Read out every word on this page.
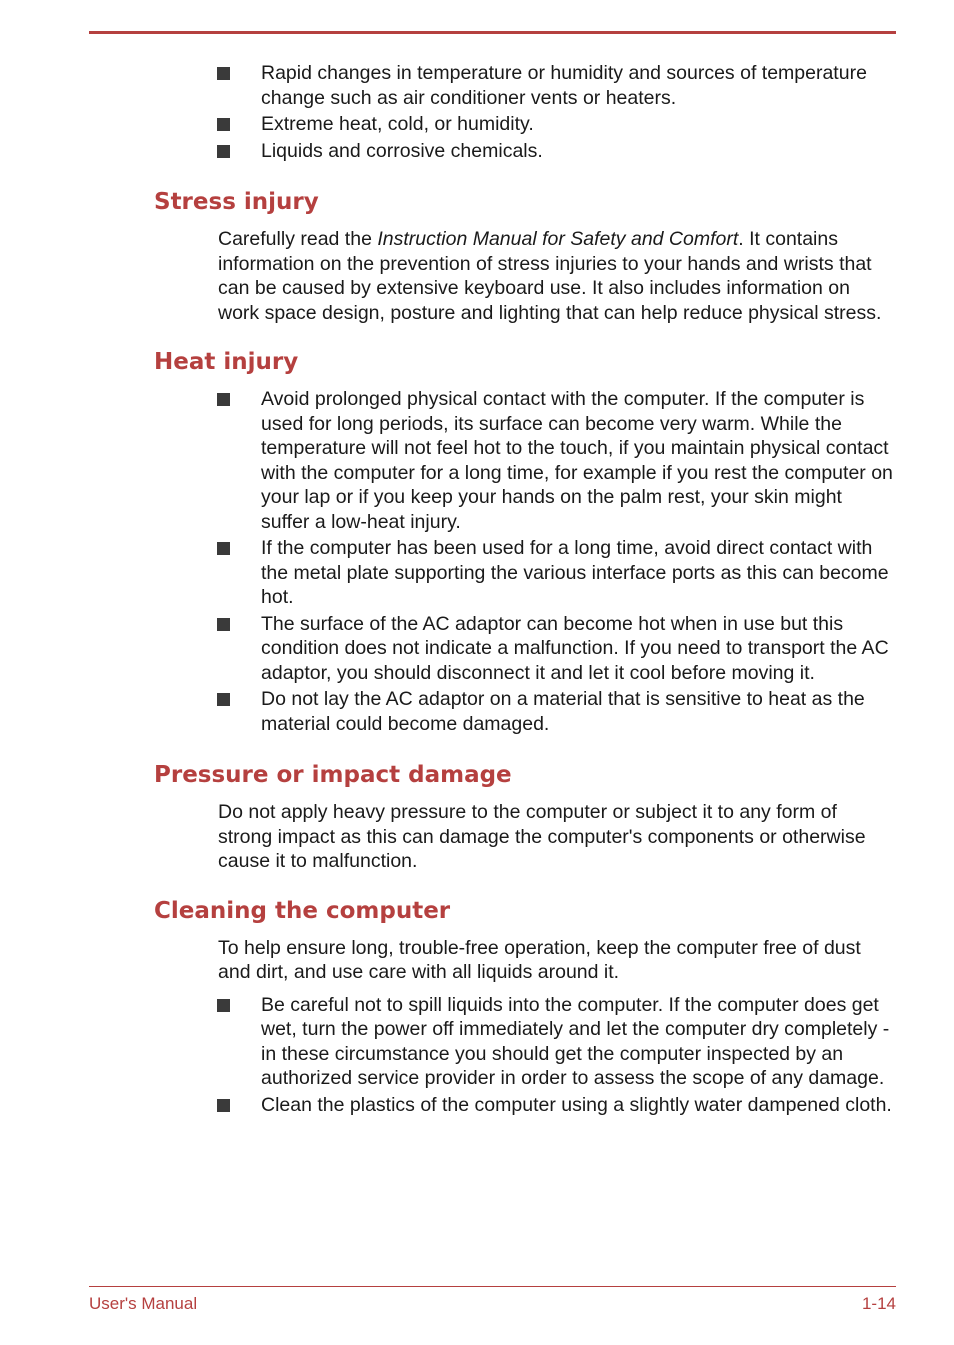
Rapid changes in temperature or humidity and sources of temperature change such as air conditioner vents or heaters.
Extreme heat, cold, or humidity.
Liquids and corrosive chemicals.
Stress injury

Carefully read the Instruction Manual for Safety and Comfort. It contains information on the prevention of stress injuries to your hands and wrists that can be caused by extensive keyboard use. It also includes information on work space design, posture and lighting that can help reduce physical stress.

Heat injury
Avoid prolonged physical contact with the computer. If the computer is used for long periods, its surface can become very warm. While the temperature will not feel hot to the touch, if you maintain physical contact with the computer for a long time, for example if you rest the computer on your lap or if you keep your hands on the palm rest, your skin might suffer a low-heat injury.
If the computer has been used for a long time, avoid direct contact with the metal plate supporting the various interface ports as this can become hot.
The surface of the AC adaptor can become hot when in use but this condition does not indicate a malfunction. If you need to transport the AC adaptor, you should disconnect it and let it cool before moving it.
Do not lay the AC adaptor on a material that is sensitive to heat as the material could become damaged.
Pressure or impact damage

Do not apply heavy pressure to the computer or subject it to any form of strong impact as this can damage the computer's components or otherwise cause it to malfunction.

Cleaning the computer

To help ensure long, trouble-free operation, keep the computer free of dust and dirt, and use care with all liquids around it.

Be careful not to spill liquids into the computer. If the computer does get wet, turn the power off immediately and let the computer dry completely - in these circumstance you should get the computer inspected by an authorized service provider in order to assess the scope of any damage.
Clean the plastics of the computer using a slightly water dampened cloth.
User's Manual	1-14
